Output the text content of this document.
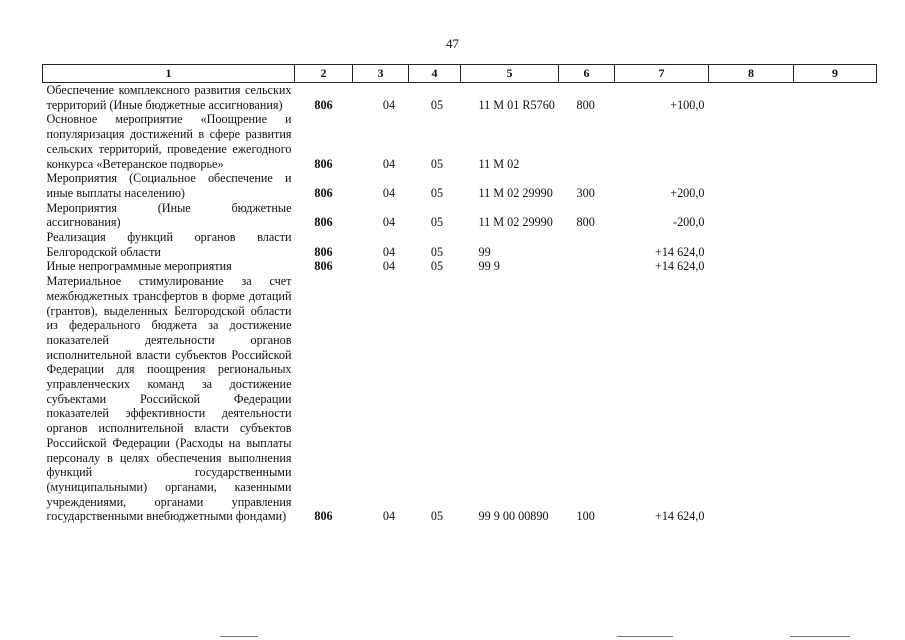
47
1	2	3	4	5	6	7	8	9
Обеспечение комплексного развития сельских территорий (Иные бюджетные ассигнования)	806	04	05	11 М 01 R5760	800	+100,0		
Основное мероприятие «Поощрение и популяризация достижений в сфере развития сельских территорий, проведение ежегодного конкурса «Ветеранское подворье»	806	04	05	11 М 02				
Мероприятия (Социальное обеспечение и иные выплаты населению)	806	04	05	11 М 02 29990	300	+200,0		
Мероприятия (Иные бюджетные ассигнования)	806	04	05	11 М 02 29990	800	-200,0		
Реализация функций органов власти Белгородской области	806	04	05	99		+14 624,0		
Иные непрограммные мероприятия	806	04	05	99 9		+14 624,0		
Материальное стимулирование за счет межбюджетных трансфертов в форме дотаций (грантов), выделенных Белгородской области из федерального бюджета за достижение показателей деятельности органов исполнительной власти субъектов Российской Федерации для поощрения региональных управленческих команд за достижение субъектами Российской Федерации показателей эффективности деятельности органов исполнительной власти субъектов Российской Федерации (Расходы на выплаты персоналу в целях обеспечения выполнения функций государственными (муниципальными) органами, казенными учреждениями, органами управления государственными внебюджетными фондами)	806	04	05	99 9 00 00890	100	+14 624,0		
